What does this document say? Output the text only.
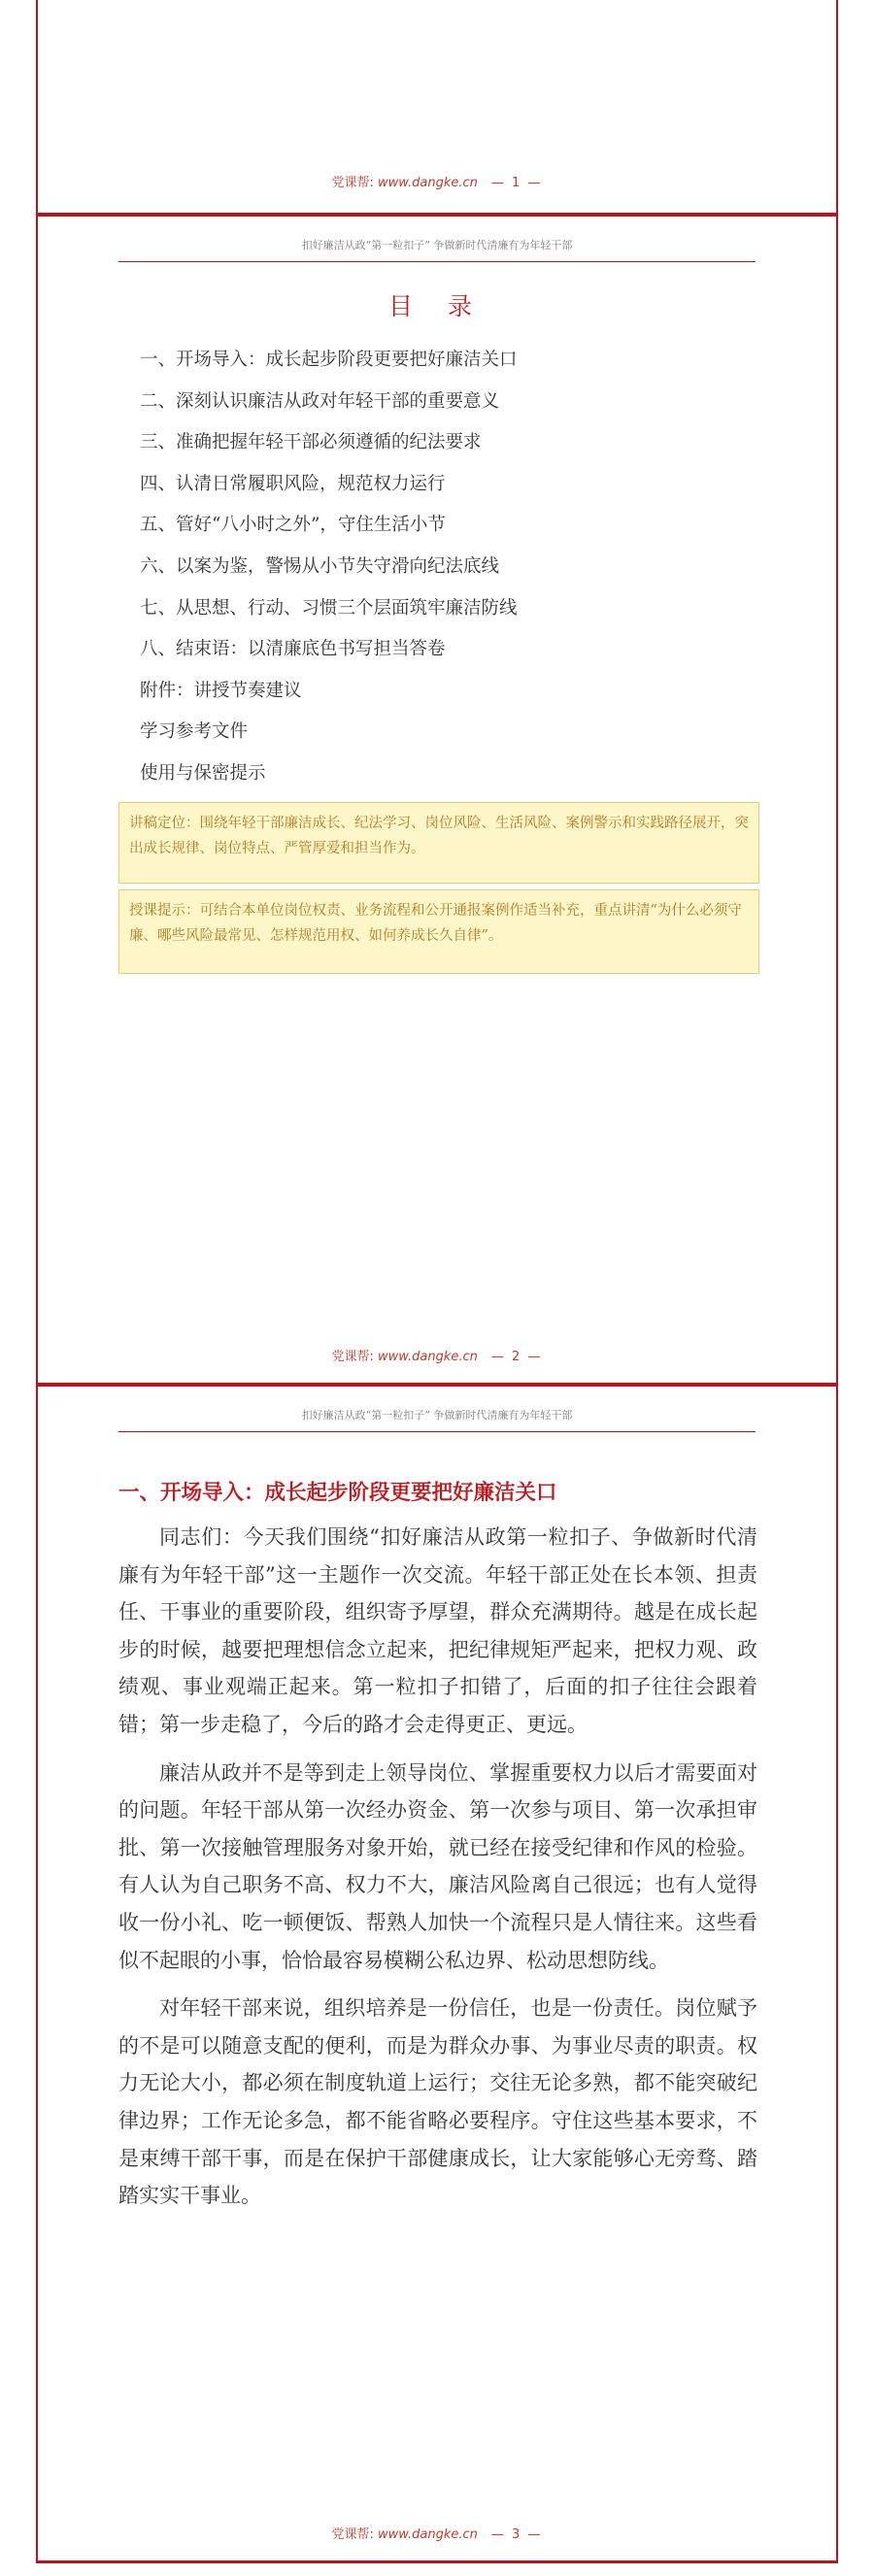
党课帮: www.dangke.cn — 1 —
扣好廉洁从政“第一粒扣子” 争做新时代清廉有为年轻干部
目 录
一、开场导入：成长起步阶段更要把好廉洁关口
二、深刻认识廉洁从政对年轻干部的重要意义
三、准确把握年轻干部必须遵循的纪法要求
四、认清日常履职风险，规范权力运行
五、管好“八小时之外”，守住生活小节
六、以案为鉴，警惕从小节失守滑向纪法底线
七、从思想、行动、习惯三个层面筑牢廉洁防线
八、结束语：以清廉底色书写担当答卷
附件：讲授节奏建议
学习参考文件
使用与保密提示
讲稿定位：围绕年轻干部廉洁成长、纪法学习、岗位风险、生活风险、案例警示和实践路径展开，突出成长规律、岗位特点、严管厚爱和担当作为。
授课提示：可结合本单位岗位权责、业务流程和公开通报案例作适当补充，重点讲清“为什么必须守廉、哪些风险最常见、怎样规范用权、如何养成长久自律”。
党课帮: www.dangke.cn — 2 —
扣好廉洁从政“第一粒扣子” 争做新时代清廉有为年轻干部
一、开场导入：成长起步阶段更要把好廉洁关口

同志们：今天我们围绕“扣好廉洁从政第一粒扣子、争做新时代清廉有为年轻干部”这一主题作一次交流。年轻干部正处在长本领、担责任、干事业的重要阶段，组织寄予厚望，群众充满期待。越是在成长起步的时候，越要把理想信念立起来，把纪律规矩严起来，把权力观、政绩观、事业观端正起来。第一粒扣子扣错了，后面的扣子往往会跟着错；第一步走稳了，今后的路才会走得更正、更远。

廉洁从政并不是等到走上领导岗位、掌握重要权力以后才需要面对的问题。年轻干部从第一次经办资金、第一次参与项目、第一次承担审批、第一次接触管理服务对象开始，就已经在接受纪律和作风的检验。有人认为自己职务不高、权力不大，廉洁风险离自己很远；也有人觉得收一份小礼、吃一顿便饭、帮熟人加快一个流程只是人情往来。这些看似不起眼的小事，恰恰最容易模糊公私边界、松动思想防线。

对年轻干部来说，组织培养是一份信任，也是一份责任。岗位赋予的不是可以随意支配的便利，而是为群众办事、为事业尽责的职责。权力无论大小，都必须在制度轨道上运行；交往无论多熟，都不能突破纪律边界；工作无论多急，都不能省略必要程序。守住这些基本要求，不是束缚干部干事，而是在保护干部健康成长，让大家能够心无旁骛、踏踏实实干事业。

党课帮: www.dangke.cn — 3 —
